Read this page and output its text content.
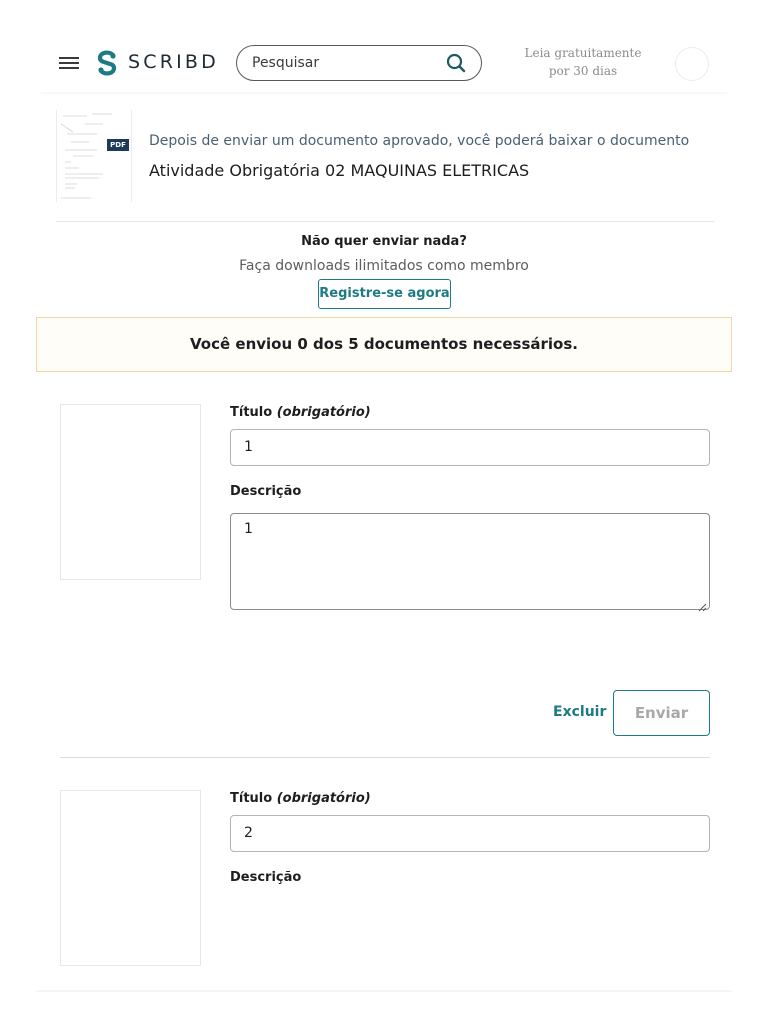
SCRIBD Pesquisar
Leia gratuitamente
por 30 dias
PDF Depois de enviar um documento aprovado, você poderá baixar o documento
Atividade Obrigatória 02 MAQUINAS ELETRICAS
Não quer enviar nada?
Faça downloads ilimitados como membro
Registre-se agora
Você enviou 0 dos 5 documentos necessários.
Título (obrigatório)
1
Descrição
1
Excluir	Enviar
Título (obrigatório)
2
Descrição
